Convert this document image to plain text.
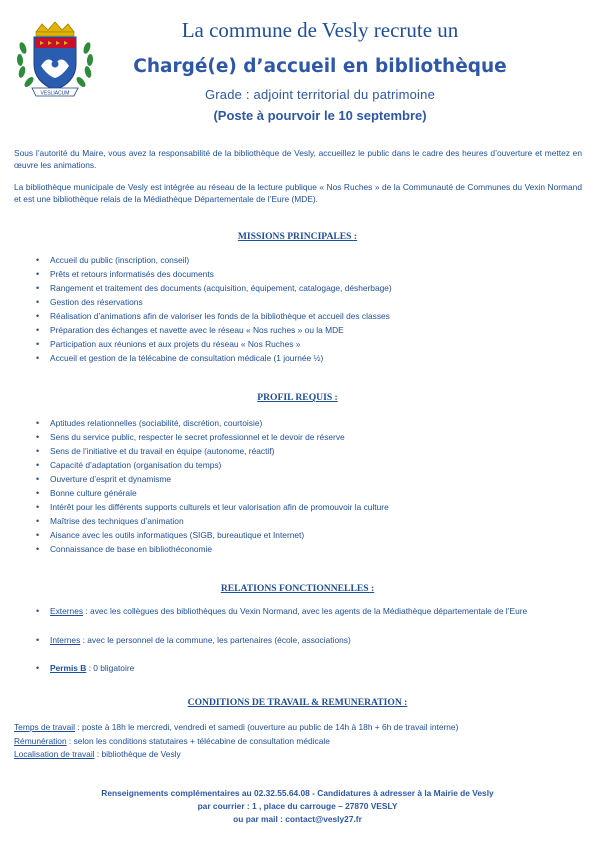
VESLIACUM
La commune de Vesly recrute un
Chargé(e) d’accueil en bibliothèque
Grade : adjoint territorial du patrimoine
(Poste à pourvoir le 10 septembre)
Sous l’autorité du Maire, vous avez la responsabilité de la bibliothèque de Vesly, accueillez le public dans le cadre des heures d’ouverture et mettez en œuvre les animations.
La bibliothèque municipale de Vesly est intégrée au réseau de la lecture publique « Nos Ruches » de la Communauté de Communes du Vexin Normand et est une bibliothèque relais de la Médiathèque Départementale de l’Eure (MDE).
MISSIONS PRINCIPALES :
• Accueil du public (inscription, conseil)
• Prêts et retours informatisés des documents
• Rangement et traitement des documents (acquisition, équipement, catalogage, désherbage)
• Gestion des réservations
• Réalisation d’animations afin de valoriser les fonds de la bibliothèque et accueil des classes
• Préparation des échanges et navette avec le réseau « Nos ruches » ou la MDE
• Participation aux réunions et aux projets du réseau « Nos Ruches »
• Accueil et gestion de la télécabine de consultation médicale (1 journée ½)
PROFIL REQUIS :
• Aptitudes relationnelles (sociabilité, discrétion, courtoisie)
• Sens du service public, respecter le secret professionnel et le devoir de réserve
• Sens de l’initiative et du travail en équipe (autonome, réactif)
• Capacité d’adaptation (organisation du temps)
• Ouverture d’esprit et dynamisme
• Bonne culture générale
• Intérêt pour les différents supports culturels et leur valorisation afin de promouvoir la culture
• Maîtrise des techniques d’animation
• Aisance avec les outils informatiques (SIGB, bureautique et Internet)
• Connaissance de base en bibliothéconomie
RELATIONS FONCTIONNELLES :
• Externes : avec les collègues des bibliothèques du Vexin Normand, avec les agents de la Médiathèque départementale de l’Eure
• Internes : avec le personnel de la commune, les partenaires (école, associations)
• Permis B : 0 bligatoire
CONDITIONS DE TRAVAIL & REMUNERATION :
Temps de travail : poste à 18h le mercredi, vendredi et samedi (ouverture au public de 14h à 18h + 6h de travail interne)
Rémunération : selon les conditions statutaires + télécabine de consultation médicale
Localisation de travail : bibliothèque de Vesly
Renseignements complémentaires au 02.32.55.64.08 - Candidatures à adresser à la Mairie de Vesly
par courrier : 1 , place du carrouge – 27870 VESLY
ou par mail : contact@vesly27.fr
